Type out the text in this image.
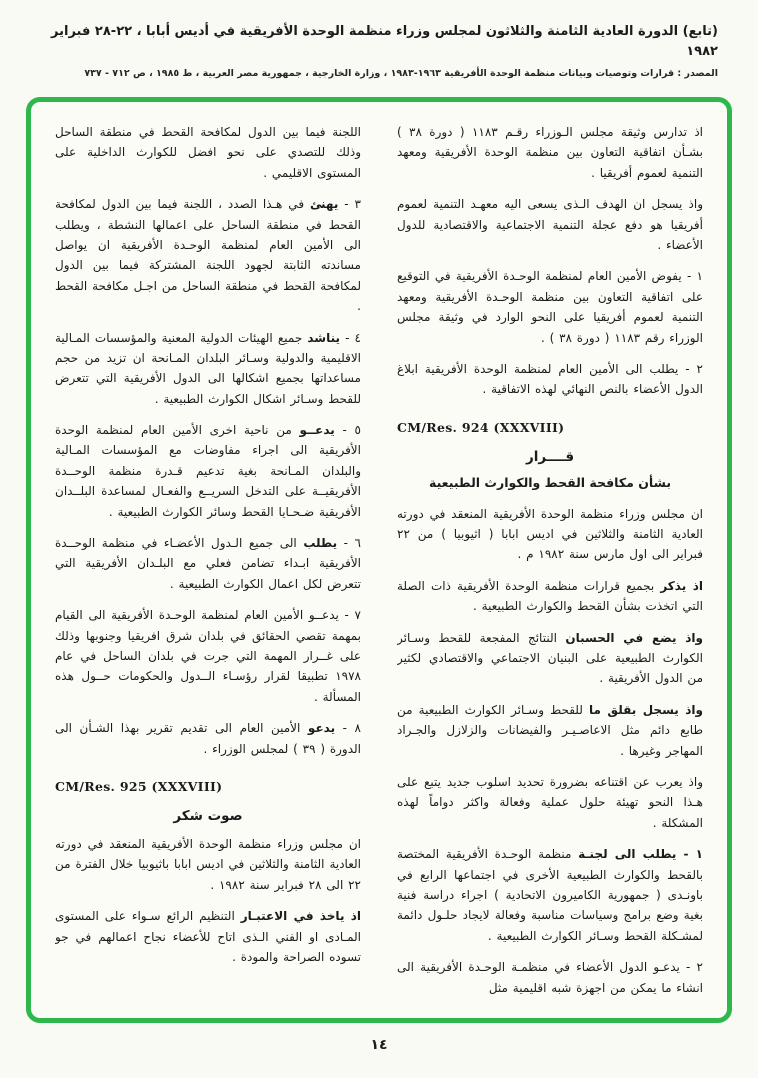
(تابع) الدورة العادية الثامنة والثلاثون لمجلس وزراء منظمة الوحدة الأفريقية في أديس أبابا ، ٢٢-٢٨ فبراير ١٩٨٢
المصدر : قرارات وتوصيات وبيانات منظمة الوحدة الأفريقية ١٩٦٣-١٩٨٣ ، وزارة الخارجية ، جمهورية مصر العربية ، ط ١٩٨٥ ، ص ٧١٢ - ٧٣٧
اذ تدارس وثيقة مجلس الـوزراء رقـم ١١٨٣ ( دورة ٣٨ ) بشـأن اتفاقية التعاون بين منظمة الوحدة الأفريقية ومعهد التنمية لعموم أفريقيا .
واذ يسجل ان الهدف الـذى يسعى اليه معهـد التنمية لعموم أفريقيا هو دفع عجلة التنمية الاجتماعية والاقتصادية للدول الأعضاء .
١ - يفوض الأمين العام لمنظمة الوحـدة الأفريقية في التوقيع على اتفاقية التعاون بين منظمة الوحـدة الأفريقية ومعهد التنمية لعموم أفريقيا على النحو الوارد في وثيقة مجلس الوزراء رقم ١١٨٣ ( دورة ٣٨ ) .
٢ - يطلب الى الأمين العام لمنظمة الوحدة الأفريقية ابلاغ الدول الأعضاء بالنص النهائي لهذه الاتفاقية .
CM/Res. 924 (XXXVIII)
قــــرار
بشأن مكافحة القحط والكوارث الطبيعية
ان مجلس وزراء منظمة الوحدة الأفريقية المنعقد في دورته العادية الثامنة والثلاثين في اديس ابابا ( اثيوبيا ) من ٢٢ فبراير الى اول مارس سنة ١٩٨٢ م .
اذ يذكر بجميع قرارات منظمة الوحدة الأفريقية ذات الصلة التي اتخذت بشأن القحط والكوارث الطبيعية .
واذ يضع في الحسبان النتائج المفجعة للقحط وسـائر الكوارث الطبيعية على البنيان الاجتماعي والاقتصادي لكثير من الدول الأفريقية .
واذ يسجل بقلق ما للقحط وسـائر الكوارث الطبيعية من طابع دائم مثل الاعاصـيـر والفيضانات والزلازل والجـراد المهاجر وغيرها .
واذ يعرب عن اقتناعه بضرورة تحديد اسلوب جديد يتبع على هـذا النحو تهيئة حلول عملية وفعالة واكثر دواماً لهذه المشكلة .
١ - يطلب الى لجنـة منظمة الوحـدة الأفريقية المختصة بالقحط والكوارث الطبيعية الأخرى في اجتماعها الرابع في باونـدى ( جمهورية الكاميرون الاتحادية ) اجراء دراسة فنية بغية وضع برامج وسياسات مناسبة وفعالة لايجاد حلـول دائمة لمشـكلة القحط وسـائر الكوارث الطبيعية .
٢ - يدعـو الدول الأعضاء في منظمـة الوحـدة الأفريقية الى انشاء ما يمكن من اجهزة شبه اقليمية مثل
اللجنة فيما بين الدول لمكافحة القحط في منطقة الساحل وذلك للتصدي على نحو افضل للكوارث الداخلية على المستوى الاقليمي .
٣ - يهنئ في هـذا الصدد ، اللجنة فيما بين الدول لمكافحة القحط في منطقة الساحل على اعمالها النشطة ، ويطلب الى الأمين العام لمنظمة الوحـدة الأفريقية ان يواصل مساندته الثابتة لجهود اللجنة المشتركة فيما بين الدول لمكافحة القحط في منطقة الساحل من اجـل مكافحة القحط .
٤ - يناشد جميع الهيئات الدولية المعنية والمؤسسات المـالية الاقليمية والدولية وسـائر البلدان المـانحة ان تزيد من حجم مساعداتها بجميع اشكالها الى الدول الأفريقية التي تتعرض للقحط وسـائر اشكال الكوارث الطبيعية .
٥ - يدعــو من ناحية اخرى الأمين العام لمنظمة الوحدة الأفريقية الى اجراء مفاوضات مع المؤسسات المـالية والبلدان المـانحة بغية تدعيم قـدرة منظمة الوحــدة الأفريقيــة على التدخل السريــع والفعـال لمساعدة البلــدان الأفريقية ضـحـايا القحط وسائر الكوارث الطبيعية .
٦ - يطلب الى جميع الـدول الأعضـاء في منظمة الوحــدة الأفريقية ابـداء تضامن فعلي مع البلـدان الأفريقية التي تتعرض لكل اعمال الكوارث الطبيعية .
٧ - يدعــو الأمين العام لمنظمة الوحـدة الأفريقية الى القيام بمهمة تقصي الحقائق في بلدان شرق افريقيا وجنوبها وذلك على غــرار المهمة التي جرت في بلدان الساحل في عام ١٩٧٨ تطبيقا لقرار رؤسـاء الــدول والحكومات حــول هذه المسألة .
٨ - يدعو الأمين العام الى تقديم تقرير بهذا الشـأن الى الدورة ( ٣٩ ) لمجلس الوزراء .
CM/Res. 925 (XXXVIII)
صوت شكر
ان مجلس وزراء منظمة الوحدة الأفريقية المنعقد في دورته العادية الثامنة والثلاثين في اديس ابابا باثيوبيا خلال الفترة من ٢٢ الى ٢٨ فبراير سنة ١٩٨٢ .
اذ ياخذ في الاعتبـار التنظيم الرائع سـواء على المستوى المـادى او الفني الـذى اتاح للأعضاء نجاح اعمالهم في جو تسوده الصراحة والمودة .
١٤
